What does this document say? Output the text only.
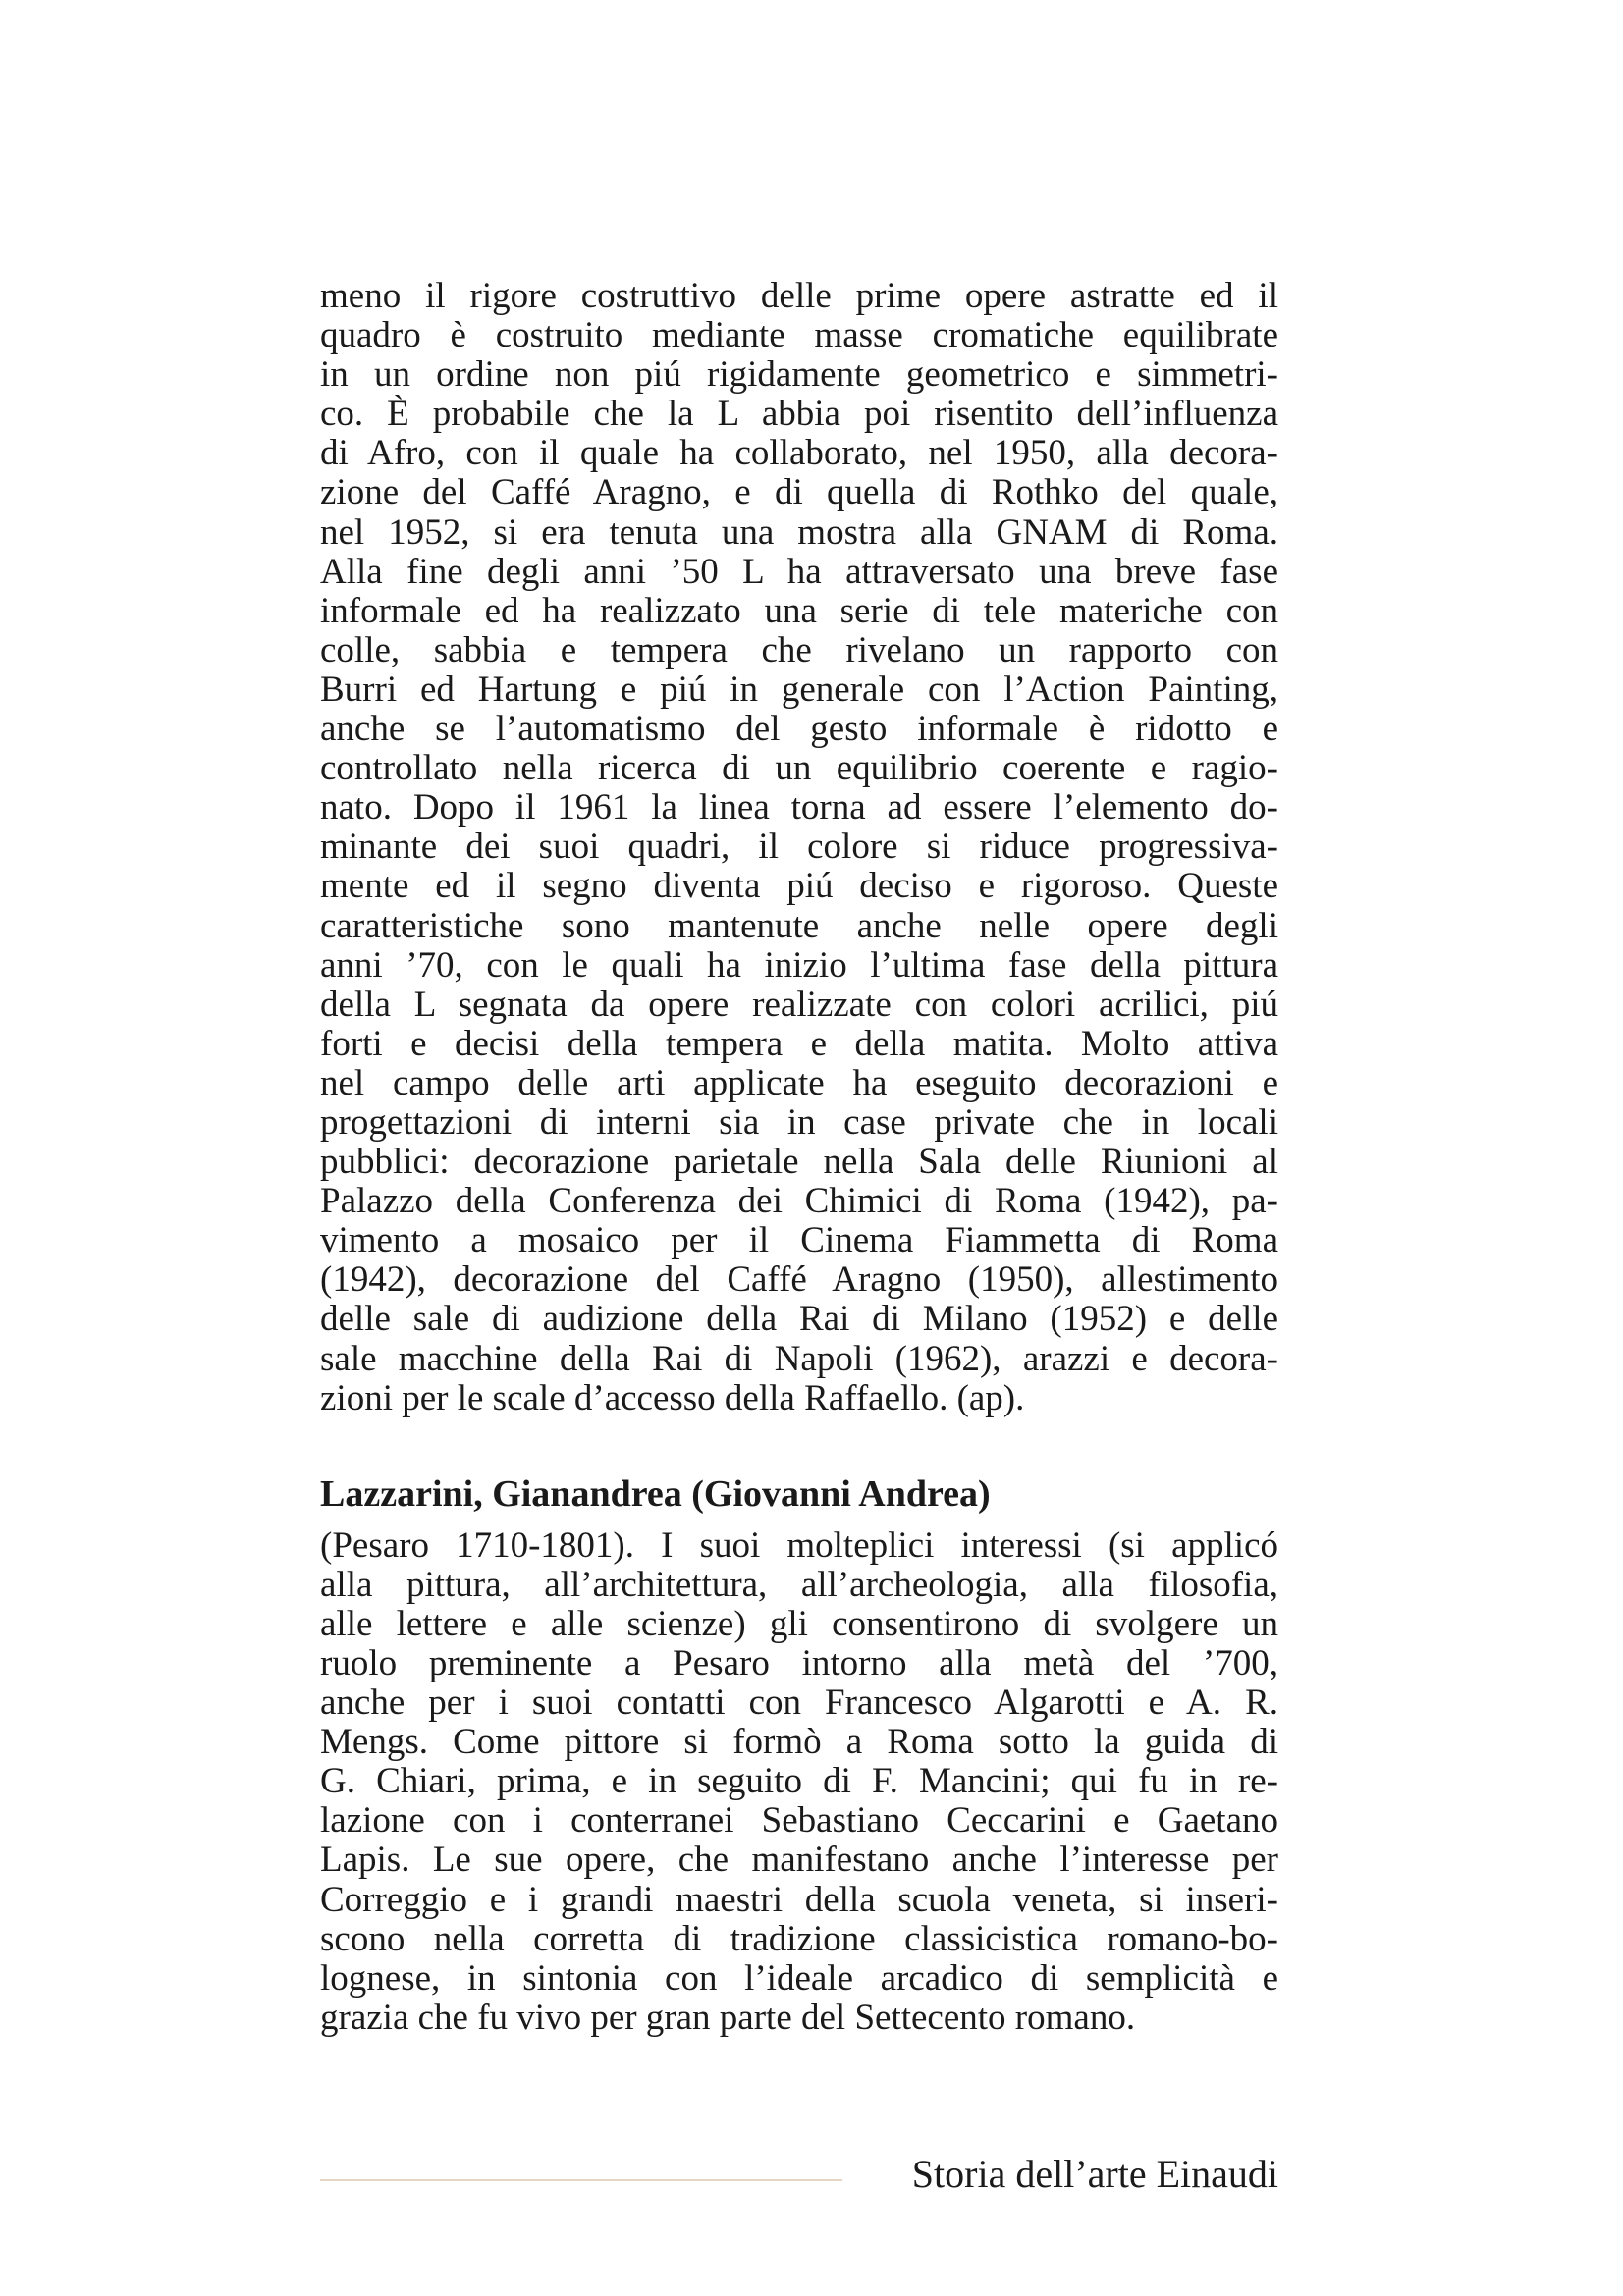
meno il rigore costruttivo delle prime opere astratte ed il
quadro è costruito mediante masse cromatiche equilibrate
in un ordine non piú rigidamente geometrico e simmetri-
co. È probabile che la L abbia poi risentito dell’influenza
di Afro, con il quale ha collaborato, nel 1950, alla decora-
zione del Caffé Aragno, e di quella di Rothko del quale,
nel 1952, si era tenuta una mostra alla GNAM di Roma.
Alla fine degli anni ’50 L ha attraversato una breve fase
informale ed ha realizzato una serie di tele materiche con
colle, sabbia e tempera che rivelano un rapporto con
Burri ed Hartung e piú in generale con l’Action Painting,
anche se l’automatismo del gesto informale è ridotto e
controllato nella ricerca di un equilibrio coerente e ragio-
nato. Dopo il 1961 la linea torna ad essere l’elemento do-
minante dei suoi quadri, il colore si riduce progressiva-
mente ed il segno diventa piú deciso e rigoroso. Queste
caratteristiche sono mantenute anche nelle opere degli
anni ’70, con le quali ha inizio l’ultima fase della pittura
della L segnata da opere realizzate con colori acrilici, piú
forti e decisi della tempera e della matita. Molto attiva
nel campo delle arti applicate ha eseguito decorazioni e
progettazioni di interni sia in case private che in locali
pubblici: decorazione parietale nella Sala delle Riunioni al
Palazzo della Conferenza dei Chimici di Roma (1942), pa-
vimento a mosaico per il Cinema Fiammetta di Roma
(1942), decorazione del Caffé Aragno (1950), allestimento
delle sale di audizione della Rai di Milano (1952) e delle
sale macchine della Rai di Napoli (1962), arazzi e decora-
zioni per le scale d’accesso della Raffaello. (ap).
Lazzarini, Gianandrea (Giovanni Andrea)
(Pesaro 1710-1801). I suoi molteplici interessi (si applicó
alla pittura, all’architettura, all’archeologia, alla filosofia,
alle lettere e alle scienze) gli consentirono di svolgere un
ruolo preminente a Pesaro intorno alla metà del ’700,
anche per i suoi contatti con Francesco Algarotti e A. R.
Mengs. Come pittore si formò a Roma sotto la guida di
G. Chiari, prima, e in seguito di F. Mancini; qui fu in re-
lazione con i conterranei Sebastiano Ceccarini e Gaetano
Lapis. Le sue opere, che manifestano anche l’interesse per
Correggio e i grandi maestri della scuola veneta, si inseri-
scono nella corretta di tradizione classicistica romano-bo-
lognese, in sintonia con l’ideale arcadico di semplicità e
grazia che fu vivo per gran parte del Settecento romano.
Storia dell’arte Einaudi
